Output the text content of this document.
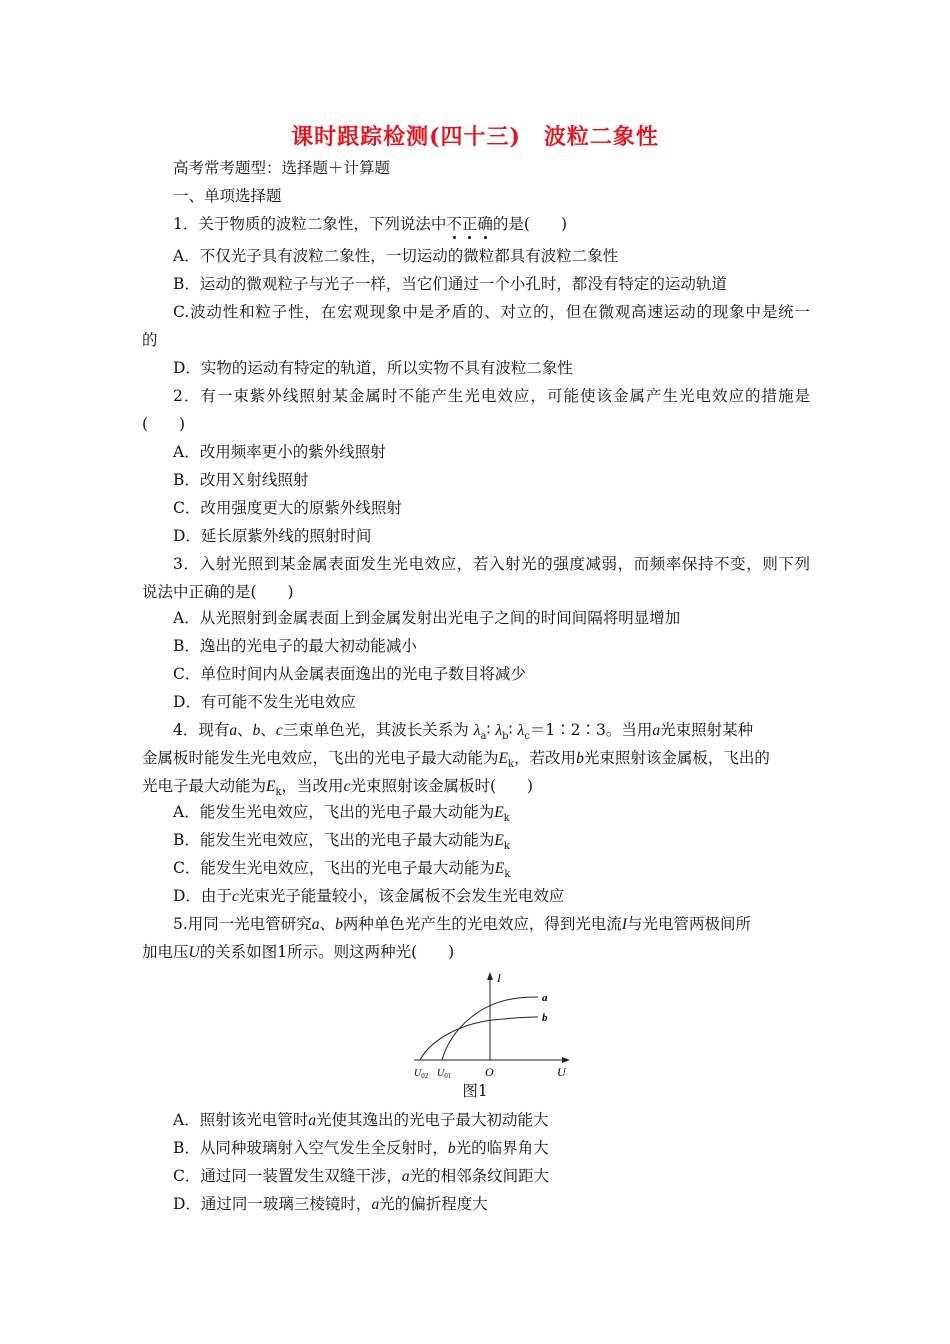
课时跟踪检测(四十三)　波粒二象性
高考常考题型：选择题＋计算题
一、单项选择题
1．关于物质的波粒二象性，下列说法中不正确的是(　　)
A．不仅光子具有波粒二象性，一切运动的微粒都具有波粒二象性
B．运动的微观粒子与光子一样，当它们通过一个小孔时，都没有特定的运动轨道
C.波动性和粒子性，在宏观现象中是矛盾的、对立的，但在微观高速运动的现象中是统一
的
D．实物的运动有特定的轨道，所以实物不具有波粒二象性
2．有一束紫外线照射某金属时不能产生光电效应，可能使该金属产生光电效应的措施是
(　　)
A．改用频率更小的紫外线照射
B．改用Ｘ射线照射
C．改用强度更大的原紫外线照射
D．延长原紫外线的照射时间
3．入射光照到某金属表面发生光电效应，若入射光的强度减弱，而频率保持不变，则下列
说法中正确的是(　　)
A．从光照射到金属表面上到金属发射出光电子之间的时间间隔将明显增加
B．逸出的光电子的最大初动能减小
C．单位时间内从金属表面逸出的光电子数目将减少
D．有可能不发生光电效应
4．现有a、b、c三束单色光，其波长关系为 $\lambda_a∶$ $\lambda_b∶$ $\lambda_c=1∶2∶3$。当用a光束照射某种
金属板时能发生光电效应，飞出的光电子最大动能为$E_k$，若改用b光束照射该金属板，飞出的
光电子最大动能为$E_k$，当改用c光束照射该金属板时(　　)
A．能发生光电效应，飞出的光电子最大动能为$E_k$
B．能发生光电效应，飞出的光电子最大动能为$E_k$
C．能发生光电效应，飞出的光电子最大动能为$E_k$
D．由于c光束光子能量较小，该金属板不会发生光电效应
5.用同一光电管研究a、b两种单色光产生的光电效应，得到光电流I与光电管两极间所
加电压U的关系如图1所示。则这两种光(　　)
I
U
O
a
b
$U_{02}$ $U_{01}$
图1
A．照射该光电管时a光使其逸出的光电子最大初动能大
B．从同种玻璃射入空气发生全反射时，b光的临界角大
C．通过同一装置发生双缝干涉，a光的相邻条纹间距大
D．通过同一玻璃三棱镜时，a光的偏折程度大
